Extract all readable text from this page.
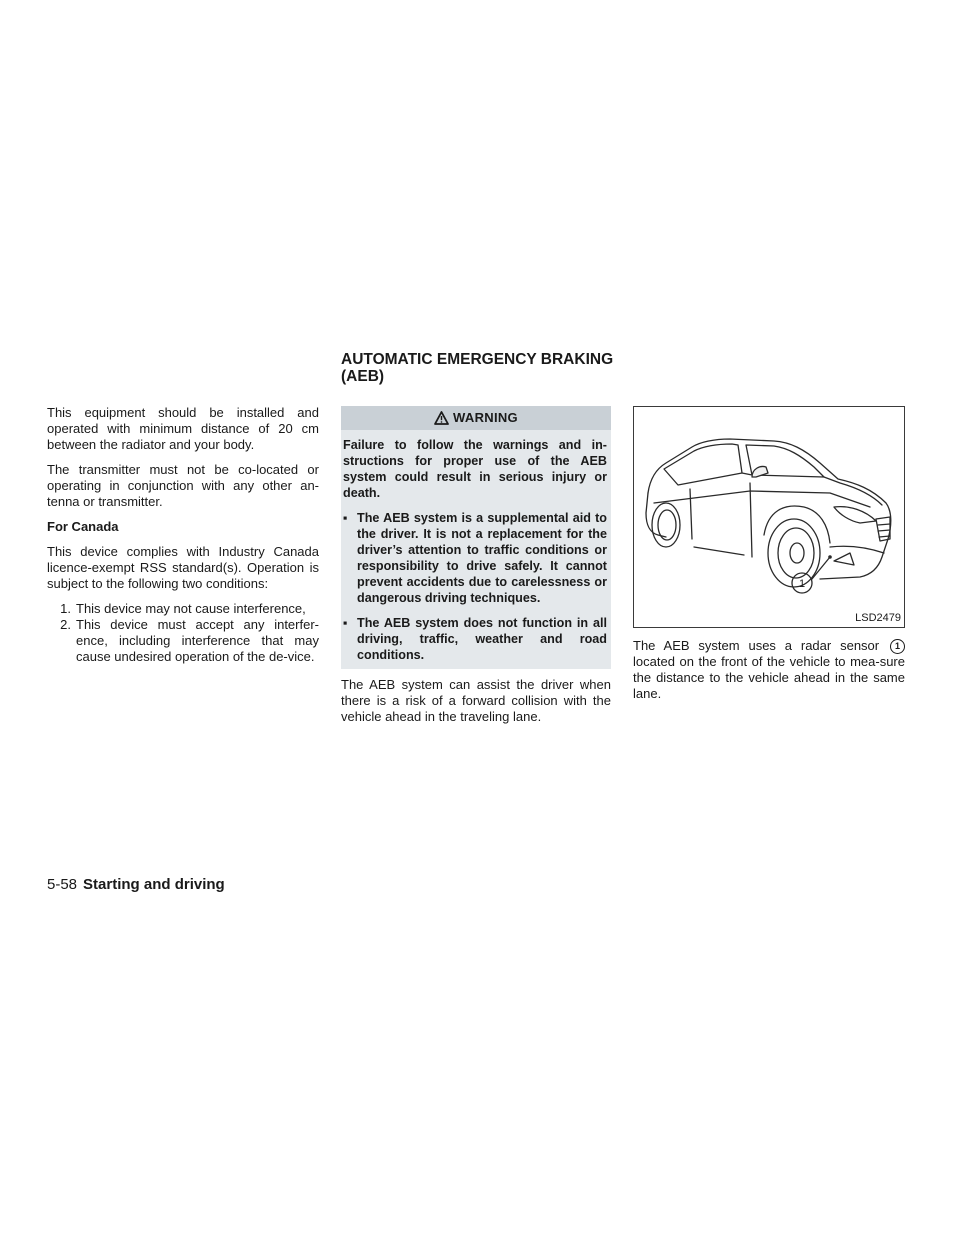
AUTOMATIC EMERGENCY BRAKING
(AEB)

This equipment should be installed and operated with minimum distance of 20 cm between the radiator and your body.

The transmitter must not be co-located or operating in conjunction with any other an-tenna or transmitter.

For Canada

This device complies with Industry Canada licence-exempt RSS standard(s). Operation is subject to the following two conditions:

1. This device may not cause interference,
2. This device must accept any interfer-ence, including interference that may cause undesired operation of the de-vice.
WARNING

Failure to follow the warnings and in-structions for proper use of the AEB system could result in serious injury or death.

▪ The AEB system is a supplemental aid to the driver. It is not a replacement for the driver’s attention to traffic conditions or responsibility to drive safely. It cannot prevent accidents due to carelessness or dangerous driving techniques.
▪ The AEB system does not function in all driving, traffic, weather and road conditions.

The AEB system can assist the driver when there is a risk of a forward collision with the vehicle ahead in the traveling lane.

1
LSD2479

The AEB system uses a radar sensor 1 located on the front of the vehicle to mea-sure the distance to the vehicle ahead in the same lane.

5-58 Starting and driving
